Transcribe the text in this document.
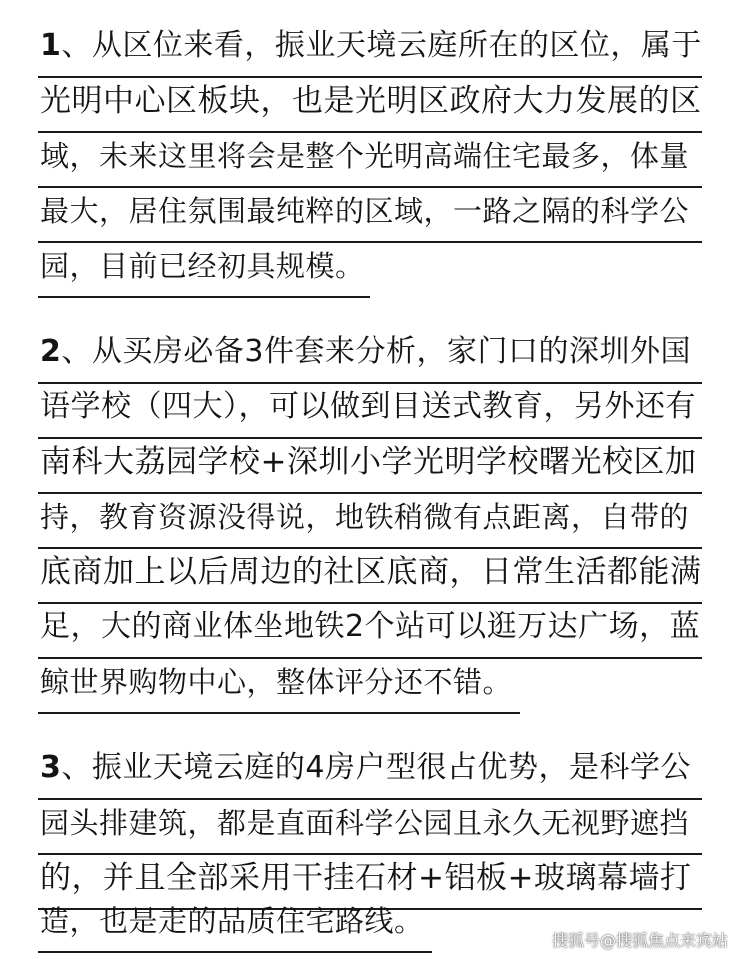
1、从区位来看，振业天境云庭所在的区位，属于
光明中心区板块，也是光明区政府大力发展的区
域，未来这里将会是整个光明高端住宅最多，体量
最大，居住氛围最纯粹的区域，一路之隔的科学公
园，目前已经初具规模。
2、从买房必备3件套来分析，家门口的深圳外国
语学校（四大），可以做到目送式教育，另外还有
南科大荔园学校+深圳小学光明学校曙光校区加
持，教育资源没得说，地铁稍微有点距离，自带的
底商加上以后周边的社区底商，日常生活都能满
足，大的商业体坐地铁2个站可以逛万达广场，蓝
鲸世界购物中心，整体评分还不错。
3、振业天境云庭的4房户型很占优势，是科学公
园头排建筑，都是直面科学公园且永久无视野遮挡
的，并且全部采用干挂石材+铝板+玻璃幕墙打
造，也是走的品质住宅路线。
搜狐号@搜狐焦点来宾站
